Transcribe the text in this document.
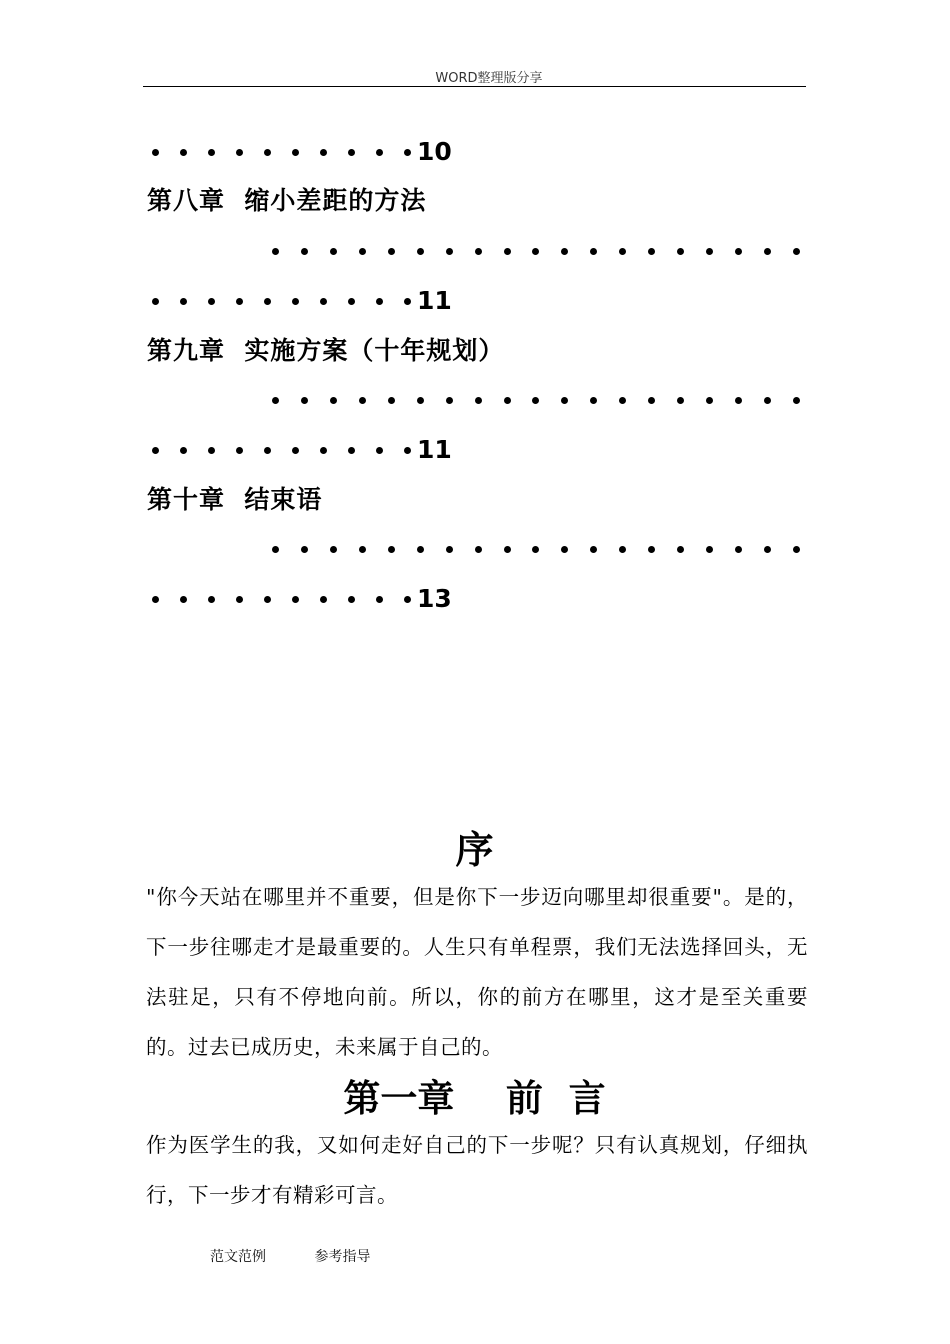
WORD整理版分享
10
第八章  缩小差距的方法
11
第九章  实施方案（十年规划）
11
第十章  结束语
13
序
"你今天站在哪里并不重要，但是你下一步迈向哪里却很重要"。是的，下一步往哪走才是最重要的。人生只有单程票，我们无法选择回头，无法驻足，只有不停地向前。所以，你的前方在哪里，这才是至关重要的。过去已成历史，未来属于自己的。
第一章    前  言
作为医学生的我，又如何走好自己的下一步呢？只有认真规划，仔细执行，下一步才有精彩可言。
范文范例	参考指导
